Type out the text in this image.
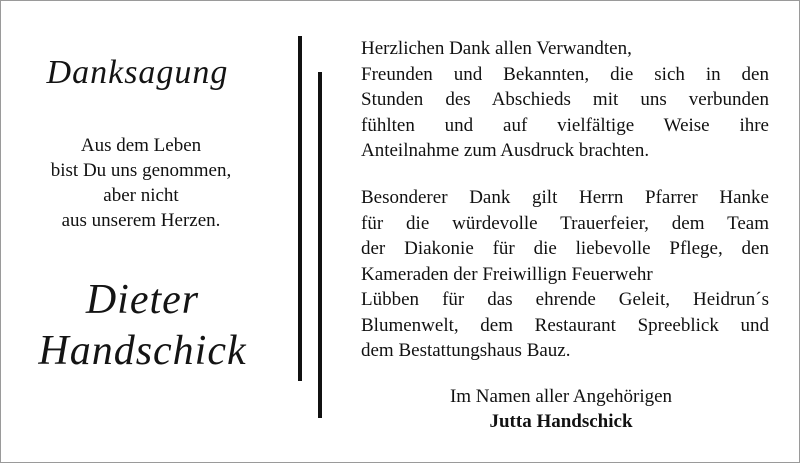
Danksagung
Aus dem Leben
bist Du uns genommen,
aber nicht
aus unserem Herzen.
Dieter
Handschick
Herzlichen Dank allen Verwandten,
Freunden und Bekannten, die sich in den
Stunden des Abschieds mit uns verbunden
fühlten und auf vielfältige Weise ihre
Anteilnahme zum Ausdruck brachten.
Besonderer Dank gilt Herrn Pfarrer Hanke
für die würdevolle Trauerfeier, dem Team
der Diakonie für die liebevolle Pflege, den
Kameraden der Freiwillign Feuerwehr
Lübben für das ehrende Geleit, Heidrun´s
Blumenwelt, dem Restaurant Spreeblick und
dem Bestattungshaus Bauz.
Im Namen aller Angehörigen
Jutta Handschick
